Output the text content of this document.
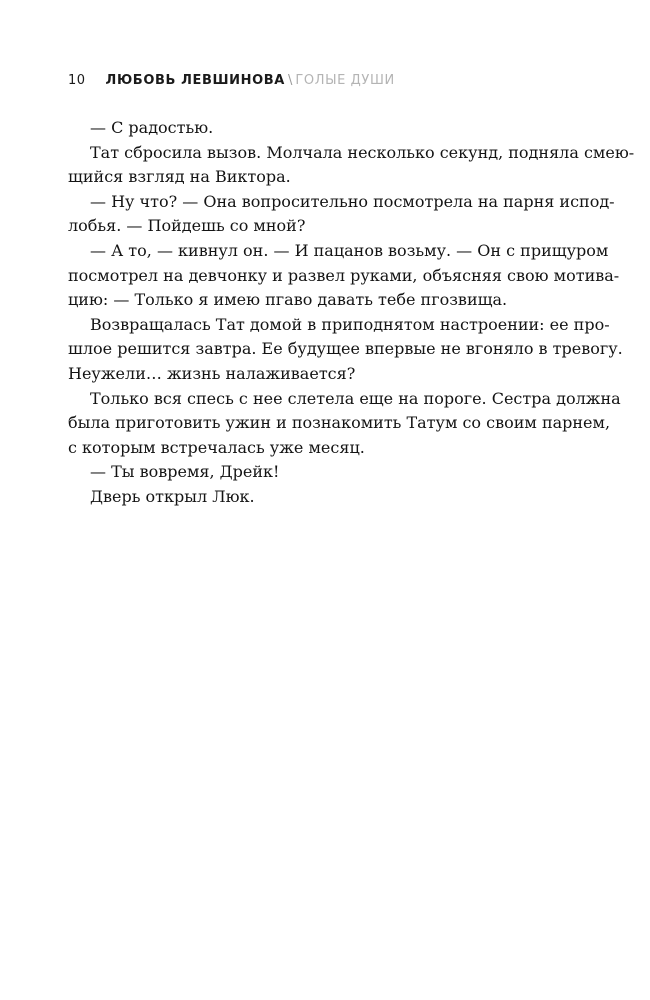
10 ЛЮБОВЬ ЛЕВШИНОВА \ ГОЛЫЕ ДУШИ
— С радостью.
Тат сбросила вызов. Молчала несколько секунд, подняла смею-
щийся взгляд на Виктора.
— Ну что? — Она вопросительно посмотрела на парня испод-
лобья. — Пойдешь со мной?
— А то, — кивнул он. — И пацанов возьму. — Он с прищуром
посмотрел на девчонку и развел руками, объясняя свою мотива-
цию: — Только я имею пгаво давать тебе пгозвища.
Возвращалась Тат домой в приподнятом настроении: ее про-
шлое решится завтра. Ее будущее впервые не вгоняло в тревогу.
Неужели… жизнь налаживается?
Только вся спесь с нее слетела еще на пороге. Сестра должна
была приготовить ужин и познакомить Татум со своим парнем,
с которым встречалась уже месяц.
— Ты вовремя, Дрейк!
Дверь открыл Люк.
